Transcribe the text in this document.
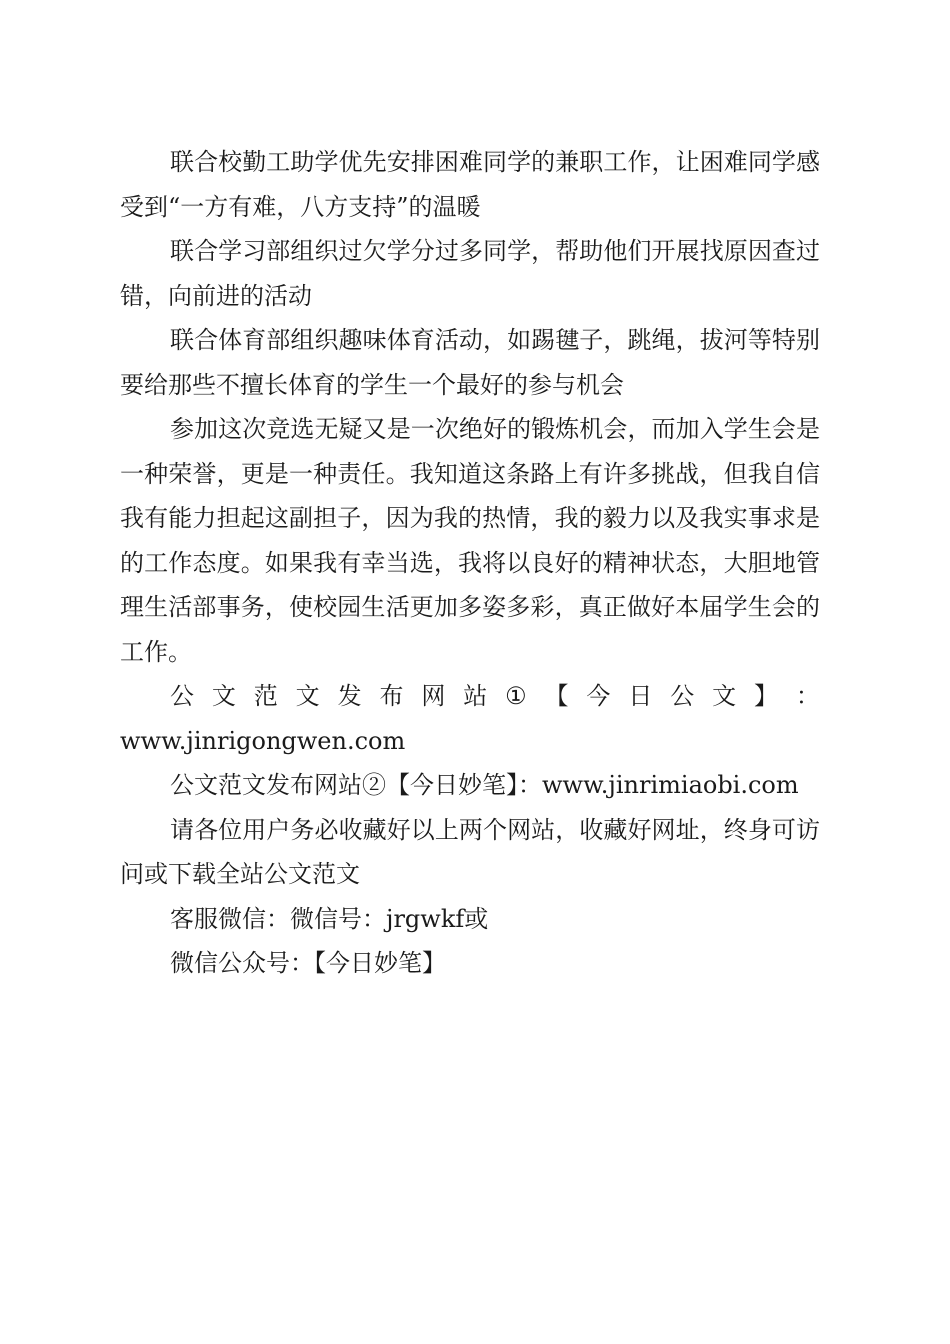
联合校勤工助学优先安排困难同学的兼职工作，让困难同学感受到“一方有难，八方支持”的温暖

联合学习部组织过欠学分过多同学，帮助他们开展找原因查过错，向前进的活动

联合体育部组织趣味体育活动，如踢毽子，跳绳，拔河等特别要给那些不擅长体育的学生一个最好的参与机会

参加这次竞选无疑又是一次绝好的锻炼机会，而加入学生会是一种荣誉，更是一种责任。我知道这条路上有许多挑战，但我自信我有能力担起这副担子，因为我的热情，我的毅力以及我实事求是的工作态度。如果我有幸当选，我将以良好的精神状态，大胆地管理生活部事务，使校园生活更加多姿多彩，真正做好本届学生会的工作。

公 文 范 文 发 布 网 站 ① 【 今 日 公 文 】 ：
www.jinrigongwen.com

公文范文发布网站②【今日妙笔】：www.jinrimiaobi.com

请各位用户务必收藏好以上两个网站，收藏好网址，终身可访问或下载全站公文范文

客服微信：微信号：jrgwkf或

微信公众号：【今日妙笔】
